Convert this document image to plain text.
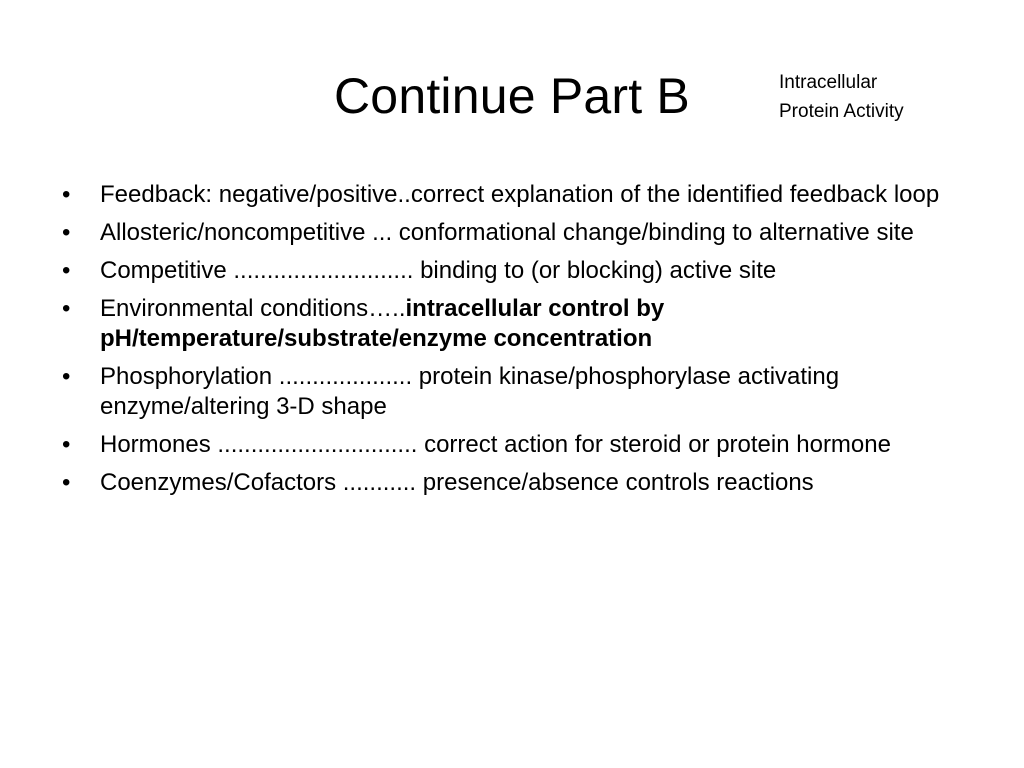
Continue Part B	Intracellular
Protein Activity
•	Feedback: negative/positive..correct explanation of the identified feedback loop
•	Allosteric/noncompetitive ... conformational change/binding to alternative site
•	Competitive ........................... binding to (or blocking) active site
•	Environmental conditions…..intracellular control by pH/temperature/substrate/enzyme concentration
•	Phosphorylation .................... protein kinase/phosphorylase activating enzyme/altering 3-D shape
•	Hormones .............................. correct action for steroid or protein hormone
•	Coenzymes/Cofactors ........... presence/absence controls reactions
